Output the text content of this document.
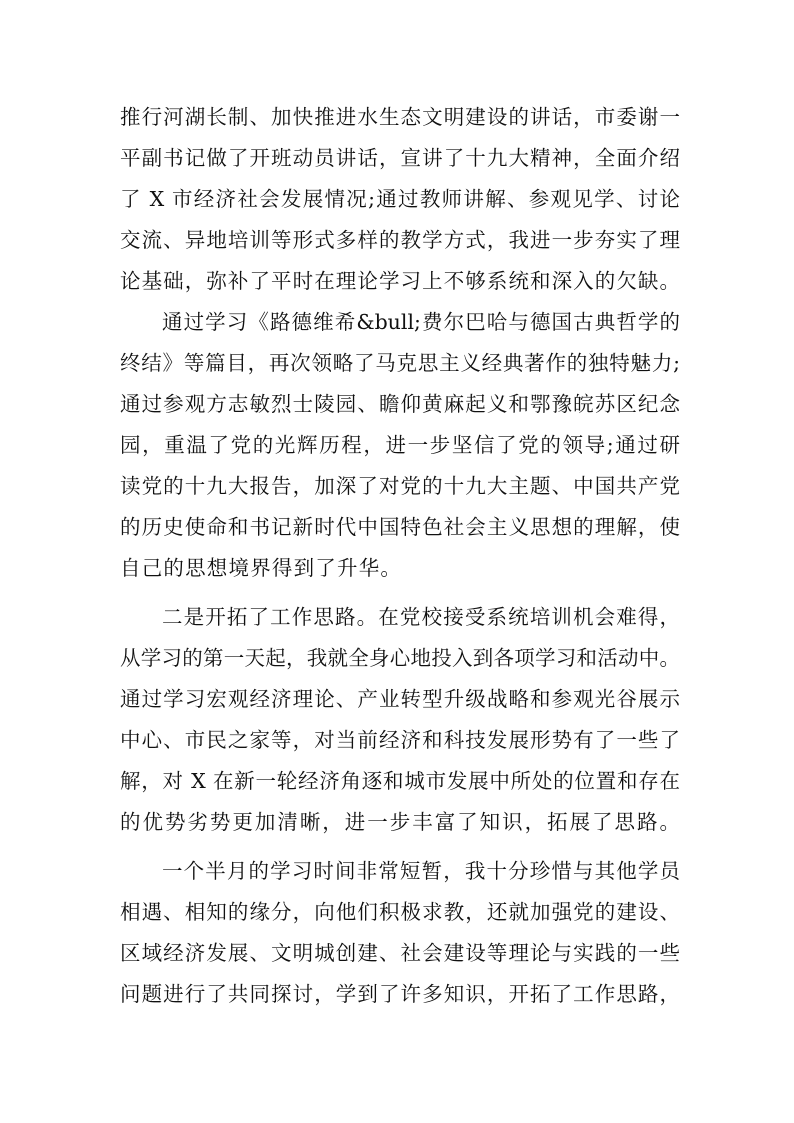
推行河湖长制、加快推进水生态文明建设的讲话，市委谢一
平副书记做了开班动员讲话，宣讲了十九大精神，全面介绍
了 X 市经济社会发展情况;通过教师讲解、参观见学、讨论
交流、异地培训等形式多样的教学方式，我进一步夯实了理
论基础，弥补了平时在理论学习上不够系统和深入的欠缺。
通过学习《路德维希&bull;费尔巴哈与德国古典哲学的
终结》等篇目，再次领略了马克思主义经典著作的独特魅力;
通过参观方志敏烈士陵园、瞻仰黄麻起义和鄂豫皖苏区纪念
园，重温了党的光辉历程，进一步坚信了党的领导;通过研
读党的十九大报告，加深了对党的十九大主题、中国共产党
的历史使命和书记新时代中国特色社会主义思想的理解，使
自己的思想境界得到了升华。
二是开拓了工作思路。在党校接受系统培训机会难得，
从学习的第一天起，我就全身心地投入到各项学习和活动中。
通过学习宏观经济理论、产业转型升级战略和参观光谷展示
中心、市民之家等，对当前经济和科技发展形势有了一些了
解，对 X 在新一轮经济角逐和城市发展中所处的位置和存在
的优势劣势更加清晰，进一步丰富了知识，拓展了思路。
一个半月的学习时间非常短暂，我十分珍惜与其他学员
相遇、相知的缘分，向他们积极求教，还就加强党的建设、
区域经济发展、文明城创建、社会建设等理论与实践的一些
问题进行了共同探讨，学到了许多知识，开拓了工作思路，
